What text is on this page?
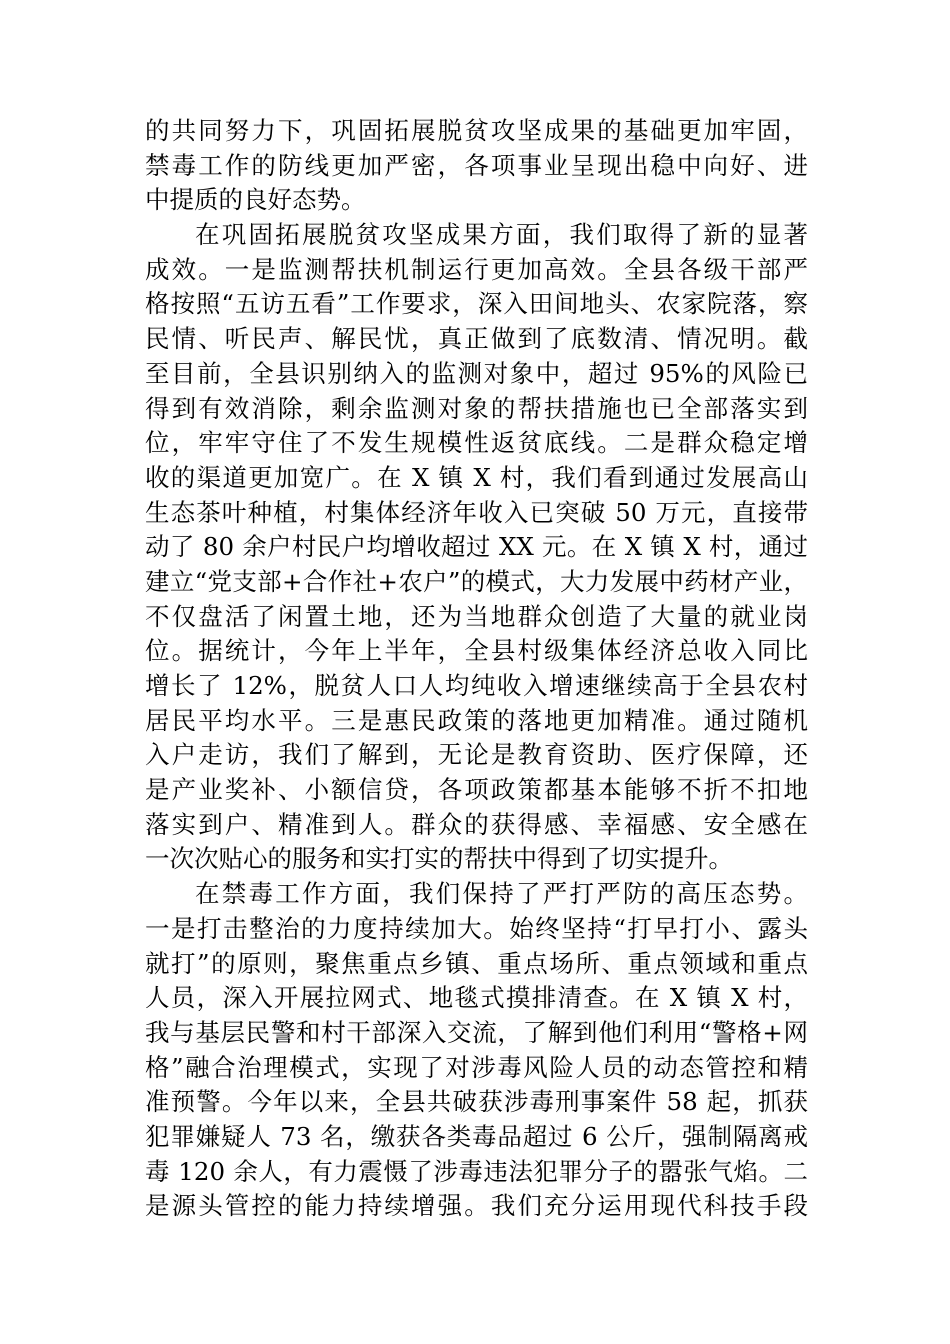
的共同努力下，巩固拓展脱贫攻坚成果的基础更加牢固，
禁毒工作的防线更加严密，各项事业呈现出稳中向好、进
中提质的良好态势。
在巩固拓展脱贫攻坚成果方面，我们取得了新的显著
成效。一是监测帮扶机制运行更加高效。全县各级干部严
格按照“五访五看”工作要求，深入田间地头、农家院落，察
民情、听民声、解民忧，真正做到了底数清、情况明。截
至目前，全县识别纳入的监测对象中，超过 95%的风险已
得到有效消除，剩余监测对象的帮扶措施也已全部落实到
位，牢牢守住了不发生规模性返贫底线。二是群众稳定增
收的渠道更加宽广。在 X 镇 X 村，我们看到通过发展高山
生态茶叶种植，村集体经济年收入已突破 50 万元，直接带
动了 80 余户村民户均增收超过 XX 元。在 X 镇 X 村，通过
建立“党支部+合作社+农户”的模式，大力发展中药材产业，
不仅盘活了闲置土地，还为当地群众创造了大量的就业岗
位。据统计，今年上半年，全县村级集体经济总收入同比
增长了 12%，脱贫人口人均纯收入增速继续高于全县农村
居民平均水平。三是惠民政策的落地更加精准。通过随机
入户走访，我们了解到，无论是教育资助、医疗保障，还
是产业奖补、小额信贷，各项政策都基本能够不折不扣地
落实到户、精准到人。群众的获得感、幸福感、安全感在
一次次贴心的服务和实打实的帮扶中得到了切实提升。
在禁毒工作方面，我们保持了严打严防的高压态势。
一是打击整治的力度持续加大。始终坚持“打早打小、露头
就打”的原则，聚焦重点乡镇、重点场所、重点领域和重点
人员，深入开展拉网式、地毯式摸排清查。在 X 镇 X 村，
我与基层民警和村干部深入交流，了解到他们利用“警格+网
格”融合治理模式，实现了对涉毒风险人员的动态管控和精
准预警。今年以来，全县共破获涉毒刑事案件 58 起，抓获
犯罪嫌疑人 73 名，缴获各类毒品超过 6 公斤，强制隔离戒
毒 120 余人，有力震慑了涉毒违法犯罪分子的嚣张气焰。二
是源头管控的能力持续增强。我们充分运用现代科技手段
